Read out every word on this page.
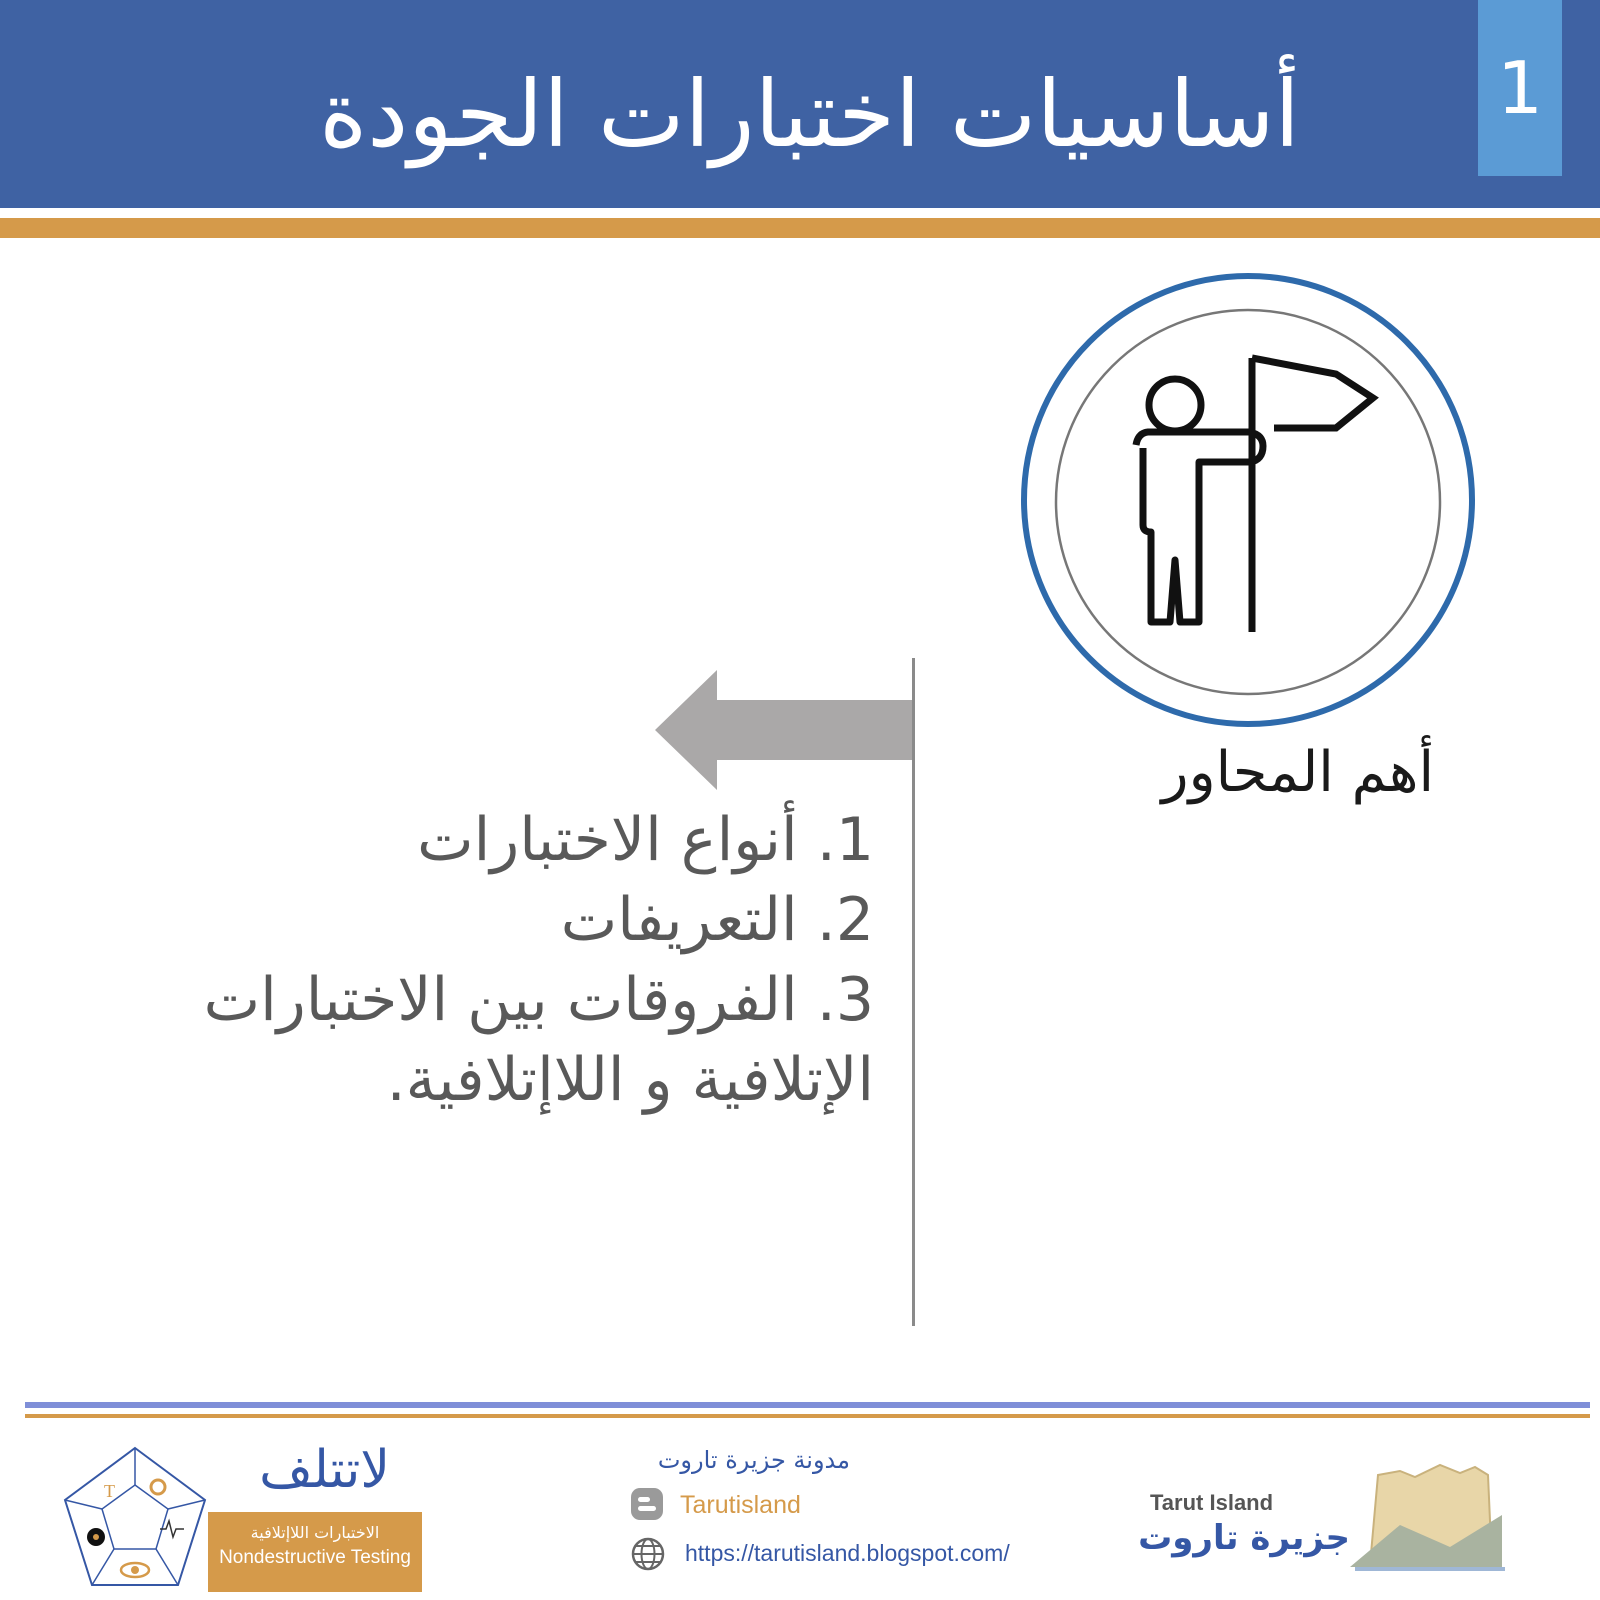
أساسيات اختبارات الجودة	1
أهم المحاور
1. أنواع الاختبارات
2. التعريفات
3. الفروقات بين الاختبارات
الإتلافية و اللاإتلافية.
T	لاتتلف
الاختبارات اللاإتلافية
Nondestructive Testing
مدونة جزيرة تاروت
Tarutisland
https://tarutisland.blogspot.com/
Tarut Island
جزيرة تاروت
